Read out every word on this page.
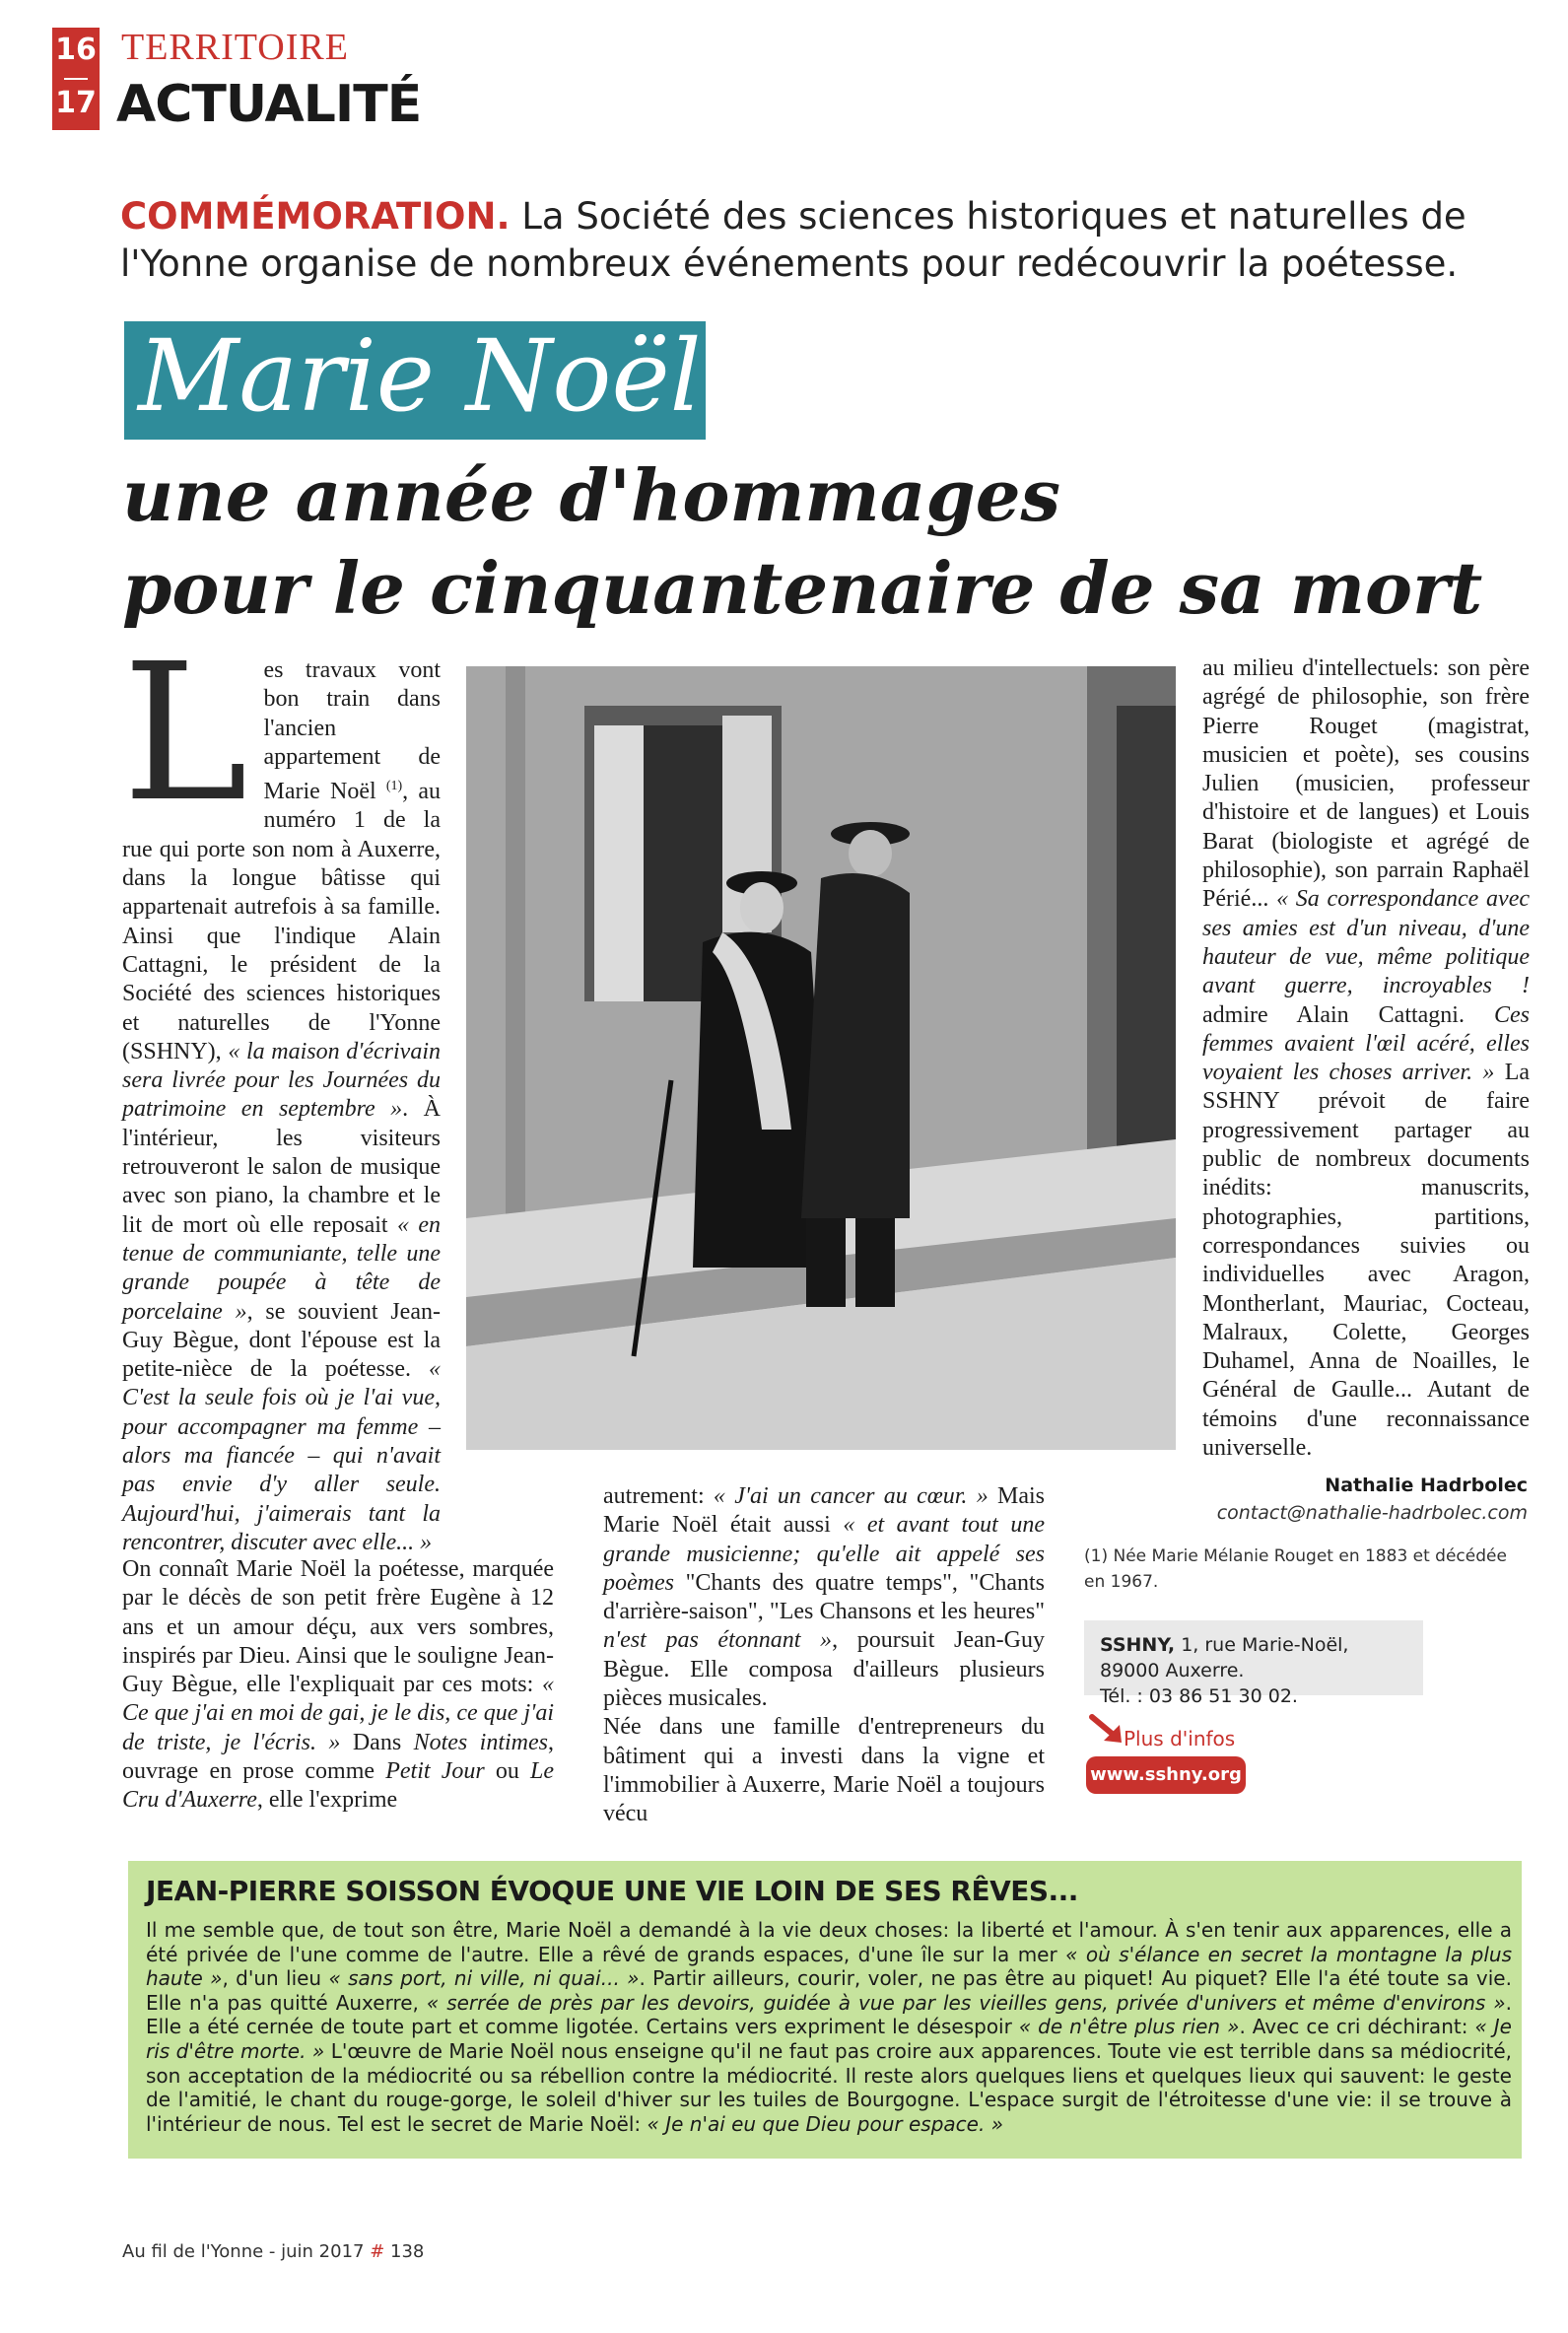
16
17
TERRITOIRE
ACTUALITÉ
COMMÉMORATION. La Société des sciences historiques et naturelles de l'Yonne organise de nombreux événements pour redécouvrir la poétesse.
Marie Noël
une année d'hommages
pour le cinquantenaire de sa mort

Les travaux vont bon train dans l'ancien appartement de Marie Noël $^{(1)}$, au numéro 1 de la rue qui porte son nom à Auxerre, dans la longue bâtisse qui appartenait autrefois à sa famille. Ainsi que l'indique Alain Cattagni, le président de la Société des sciences historiques et naturelles de l'Yonne (SSHNY), « la maison d'écrivain sera livrée pour les Journées du patrimoine en septembre ». À l'intérieur, les visiteurs retrouveront le salon de musique avec son piano, la chambre et le lit de mort où elle reposait « en tenue de communiante, telle une grande poupée à tête de porcelaine », se souvient Jean-Guy Bègue, dont l'épouse est la petite-nièce de la poétesse. « C'est la seule fois où je l'ai vue, pour accompagner ma femme – alors ma fiancée – qui n'avait pas envie d'y aller seule. Aujourd'hui, j'aimerais tant la rencontrer, discuter avec elle... »

On connaît Marie Noël la poétesse, marquée par le décès de son petit frère Eugène à 12 ans et un amour déçu, aux vers sombres, inspirés par Dieu. Ainsi que le souligne Jean-Guy Bègue, elle l'expliquait par ces mots: « Ce que j'ai en moi de gai, je le dis, ce que j'ai de triste, je l'écris. » Dans Notes intimes, ouvrage en prose comme Petit Jour ou Le Cru d'Auxerre, elle l'exprime

autrement: « J'ai un cancer au cœur. » Mais Marie Noël était aussi « et avant tout une grande musicienne; qu'elle ait appelé ses poèmes "Chants des quatre temps", "Chants d'arrière-saison", "Les Chansons et les heures" n'est pas étonnant », poursuit Jean-Guy Bègue. Elle composa d'ailleurs plusieurs pièces musicales.

Née dans une famille d'entrepreneurs du bâtiment qui a investi dans la vigne et l'immobilier à Auxerre, Marie Noël a toujours vécu

au milieu d'intellectuels: son père agrégé de philosophie, son frère Pierre Rouget (magistrat, musicien et poète), ses cousins Julien (musicien, professeur d'histoire et de langues) et Louis Barat (biologiste et agrégé de philosophie), son parrain Raphaël Périé... « Sa correspondance avec ses amies est d'un niveau, d'une hauteur de vue, même politique avant guerre, incroyables ! admire Alain Cattagni. Ces femmes avaient l'œil acéré, elles voyaient les choses arriver. » La SSHNY prévoit de faire progressivement partager au public de nombreux documents inédits: manuscrits, photographies, partitions, correspondances suivies ou individuelles avec Aragon, Montherlant, Mauriac, Cocteau, Malraux, Colette, Georges Duhamel, Anna de Noailles, le Général de Gaulle... Autant de témoins d'une reconnaissance universelle.

Nathalie Hadrbolec
contact@nathalie-hadrbolec.com
(1) Née Marie Mélanie Rouget en 1883 et décédée en 1967.
SSHNY, 1, rue Marie-Noël, 89000 Auxerre.
Tél. : 03 86 51 30 02.
Plus d'infos
www.sshny.org
JEAN-PIERRE SOISSON ÉVOQUE UNE VIE LOIN DE SES RÊVES...
Il me semble que, de tout son être, Marie Noël a demandé à la vie deux choses: la liberté et l'amour. À s'en tenir aux apparences, elle a été privée de l'une comme de l'autre. Elle a rêvé de grands espaces, d'une île sur la mer « où s'élance en secret la montagne la plus haute », d'un lieu « sans port, ni ville, ni quai... ». Partir ailleurs, courir, voler, ne pas être au piquet! Au piquet? Elle l'a été toute sa vie. Elle n'a pas quitté Auxerre, « serrée de près par les devoirs, guidée à vue par les vieilles gens, privée d'univers et même d'environs ». Elle a été cernée de toute part et comme ligotée. Certains vers expriment le désespoir « de n'être plus rien ». Avec ce cri déchirant: « Je ris d'être morte. » L'œuvre de Marie Noël nous enseigne qu'il ne faut pas croire aux apparences. Toute vie est terrible dans sa médiocrité, son acceptation de la médiocrité ou sa rébellion contre la médiocrité. Il reste alors quelques liens et quelques lieux qui sauvent: le geste de l'amitié, le chant du rouge-gorge, le soleil d'hiver sur les tuiles de Bourgogne. L'espace surgit de l'étroitesse d'une vie: il se trouve à l'intérieur de nous. Tel est le secret de Marie Noël: « Je n'ai eu que Dieu pour espace. »
Au fil de l'Yonne - juin 2017 # 138
